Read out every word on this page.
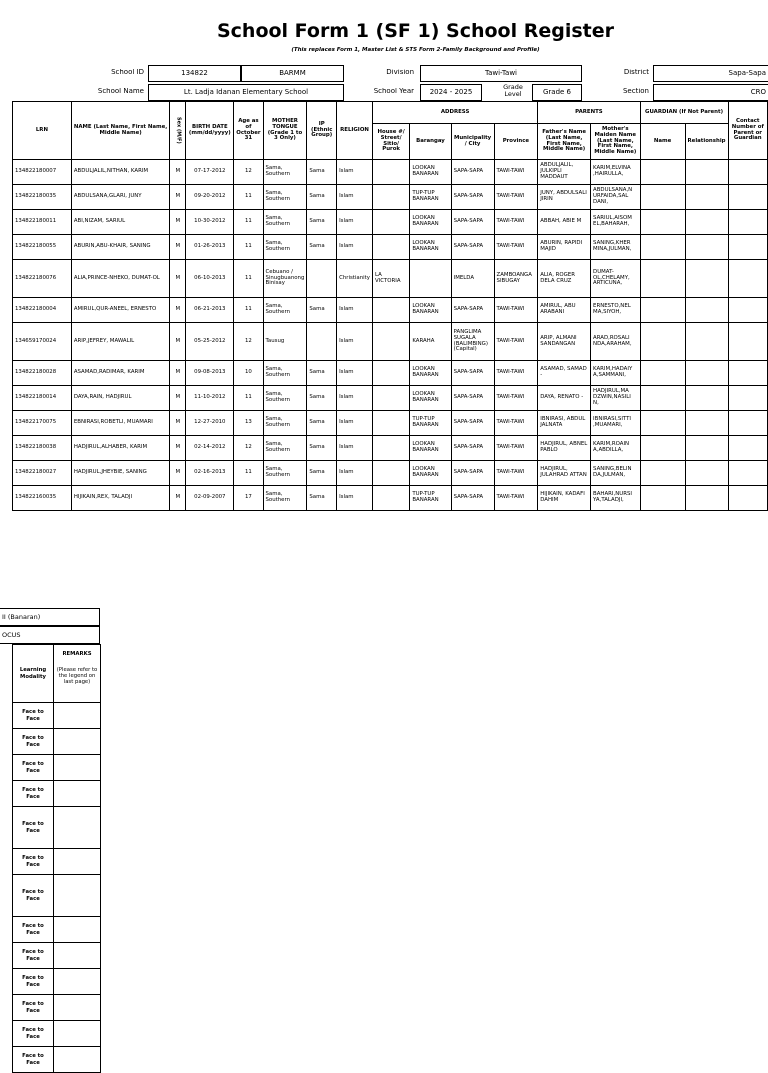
School Form 1 (SF 1) School Register
(This replaces Form 1, Master List & STS Form 2-Family Background and Profile)
School ID	134822	BARMM	Division	Tawi-Tawi	District	Sapa-Sapa
School Name	Lt. Ladja Idanan Elementary School	School Year	2024 - 2025
Grade Level	Grade 6	Section	CRO
LRN	NAME (Last Name, First Name, Middle Name)	Sex (M/F)	BIRTH DATE (mm/dd/yyyy)	Age as of October 31	MOTHER TONGUE (Grade 1 to 3 Only)	IP (Ethnic Group)	RELIGION	ADDRESS				PARENTS		GUARDIAN (If Not Parent)		Contact Number of Parent or Guardian
								House #/ Street/ Sitio/ Purok	Barangay	Municipality / City	Province	Father's Name (Last Name, First Name, Middle Name)	Mother's Maiden Name (Last Name, First Name, Middle Name)	Name	Relationship	
134822180007	ABDULJALIL,NITHAN, KARIM	M	07-17-2012	12	Sama, Southern	Sama	Islam		LOOKAN BANARAN	SAPA-SAPA	TAWI-TAWI	ABDULJALIL, JULKIPLI MADDAUT	KARIM,ELVINA ,HAIRULLA,			
134822180035	ABDULSANA,GLARI, JUNY	M	09-20-2012	11	Sama, Southern	Sama	Islam		TUP-TUP BANARAN	SAPA-SAPA	TAWI-TAWI	JUNY, ABDULSALI JIRIN	ABDULSANA,N URFAIDA,SAL DANI,			
134822180011	ABI,NIZAM, SARIUL	M	10-30-2012	11	Sama, Southern	Sama	Islam		LOOKAN BANARAN	SAPA-SAPA	TAWI-TAWI	ABBAH, ABIE M	SARIUL,AISOM EL,BAHARAH,			
134822180055	ABURIN,ABU-KHAIR, SANING	M	01-26-2013	11	Sama, Southern	Sama	Islam		LOOKAN BANARAN	SAPA-SAPA	TAWI-TAWI	ABURIN, RAPIDI MAJID	SANING,KHER MINA,JULMAN,			
134822180076	ALIA,PRINCE-NHEKO, DUMAT-OL	M	06-10-2013	11	Cebuano / Sinugbuanong Binisay		Christianity	LA VICTORIA		IMELDA	ZAMBOANGA SIBUGAY	ALIA, ROGER DELA CRUZ	DUMAT-OL,CHELAMY, ARTICUNA,			
134822180004	AMIRUL,QUR-ANEEL, ERNESTO	M	06-21-2013	11	Sama, Southern	Sama	Islam		LOOKAN BANARAN	SAPA-SAPA	TAWI-TAWI	AMIRUL, ABU ARABANI	ERNESTO,NEL MA,SIYOH,			
134659170024	ARIP,JEFREY, MAWALIL	M	05-25-2012	12	Tausug		Islam		KARAHA	PANGLIMA SUGALA (BALIMBING) (Capital)	TAWI-TAWI	ARIP, ALMANI SANDANGAN	ARAD,ROSALI NDA,ARAHAM,			
134822180028	ASAMAD,RADIMAR, KARIM	M	09-08-2013	10	Sama, Southern	Sama	Islam		LOOKAN BANARAN	SAPA-SAPA	TAWI-TAWI	ASAMAD, SAMAD -	KARIM,HADAIY A,SAMMANI,			
134822180014	DAYA,RAIN, HADJIRUL	M	11-10-2012	11	Sama, Southern	Sama	Islam		LOOKAN BANARAN	SAPA-SAPA	TAWI-TAWI	DAYA, RENATO -	HADJIRUL,MA DZWIN,NASILI N,			
134822170075	EBNIRASI,ROBETLI, MUAMARI	M	12-27-2010	13	Sama, Southern	Sama	Islam		TUP-TUP BANARAN	SAPA-SAPA	TAWI-TAWI	IBNIRASI, ABDUL JALNATA	IBNIRASI,SITTI ,MUAMARI,			
134822180038	HADJIRUL,ALHABER, KARIM	M	02-14-2012	12	Sama, Southern	Sama	Islam		LOOKAN BANARAN	SAPA-SAPA	TAWI-TAWI	HADJIRUL, ABNEL PABLO	KARIM,ROAIN A,ABDILLA,			
134822180027	HADJIRUL,JHEYBIE, SANING	M	02-16-2013	11	Sama, Southern	Sama	Islam		LOOKAN BANARAN	SAPA-SAPA	TAWI-TAWI	HADJIRUL, JULAHRAD ATTAN	SANING,BELIN DA,JULMAN,			
134822160035	HIJIKAIN,REX, TALADJI	M	02-09-2007	17	Sama, Southern	Sama	Islam		TUP-TUP BANARAN	SAPA-SAPA	TAWI-TAWI	HIJIKAIN, KADAFI DAHIM	BAHARI,NURSI YA,TALADJI,			
II (Banaran)
OCUS
Learning Modality	REMARKS
(Please refer to the legend on last page)

Face to Face	
Face to Face	
Face to Face	
Face to Face	
Face to Face	
Face to Face	
Face to Face	
Face to Face	
Face to Face	
Face to Face	
Face to Face	
Face to Face	
Face to Face	
